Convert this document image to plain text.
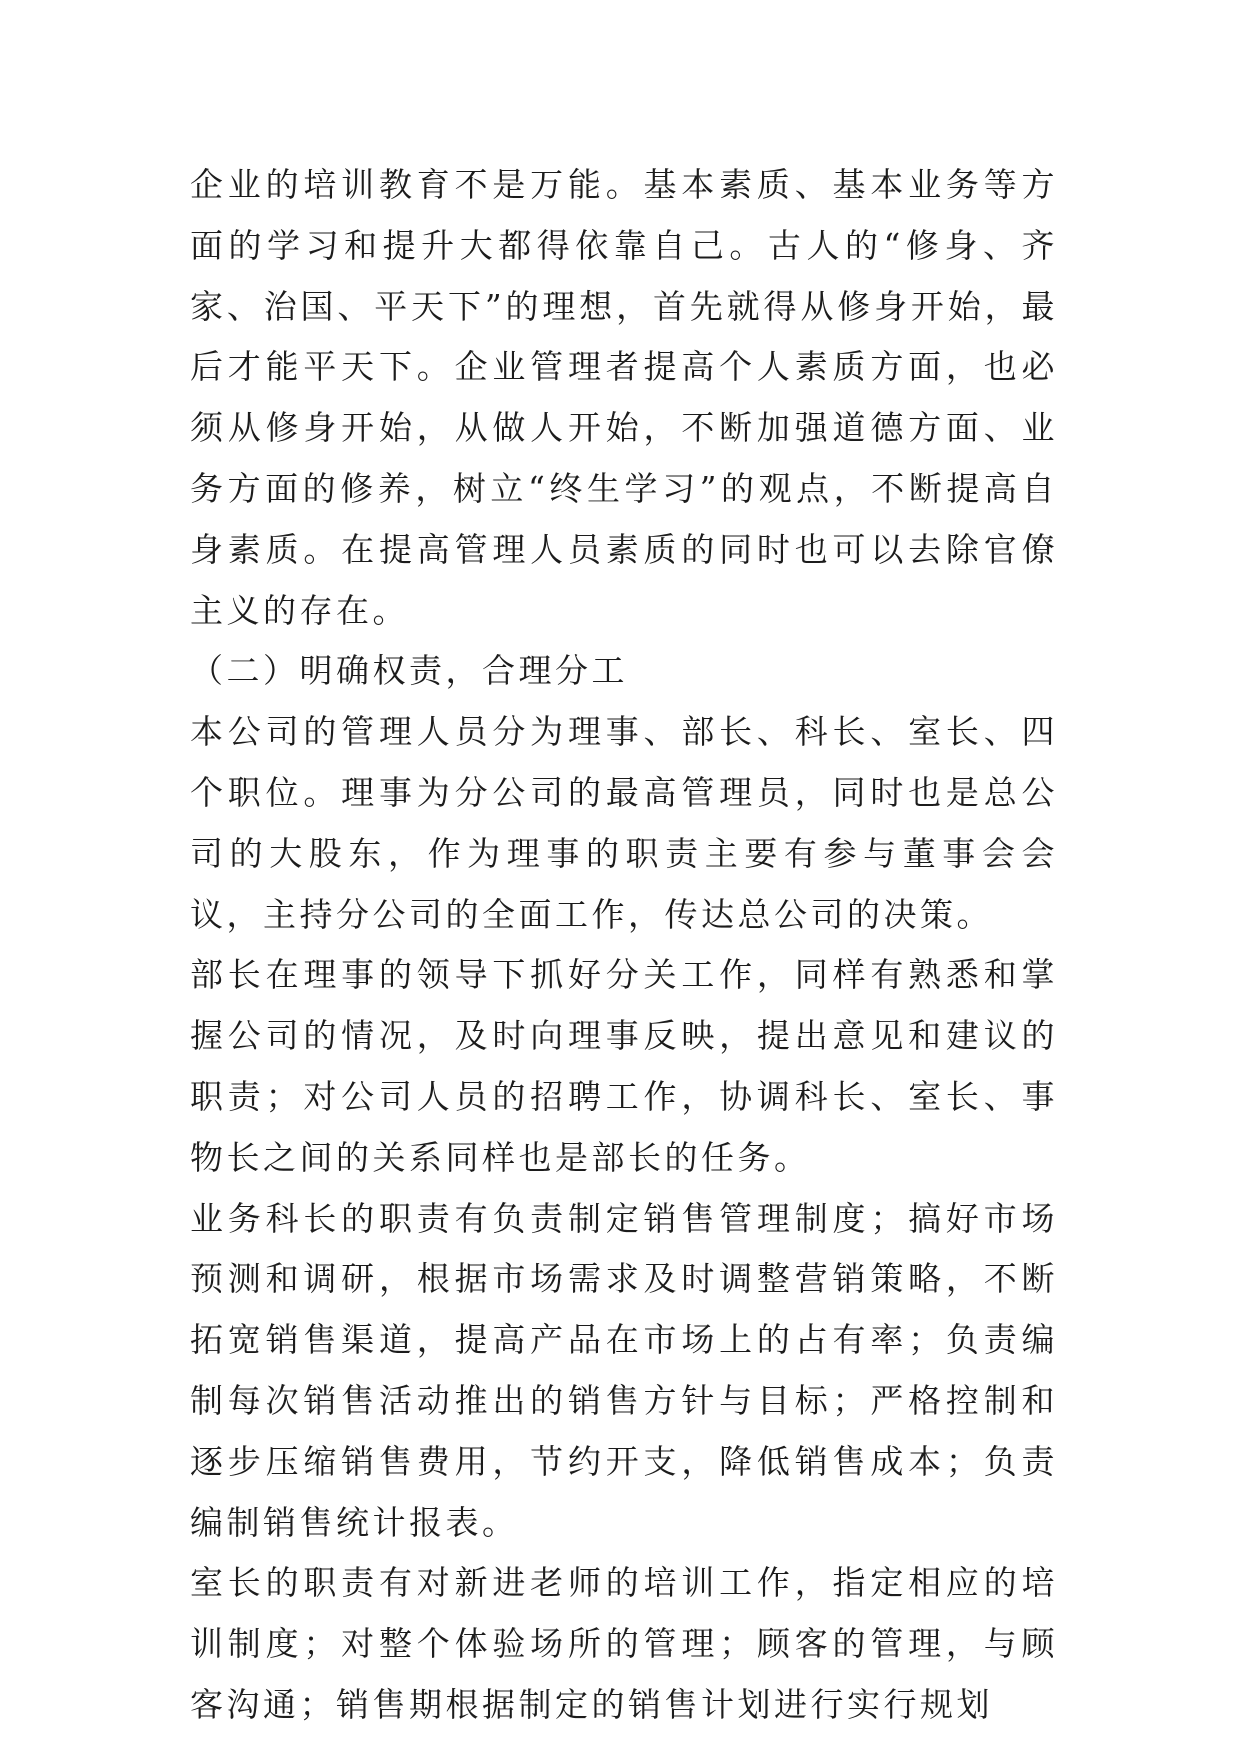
企业的培训教育不是万能。基本素质、基本业务等方面的学习和提升大都得依靠自己。古人的“修身、齐家、治国、平天下”的理想，首先就得从修身开始，最后才能平天下。企业管理者提高个人素质方面，也必须从修身开始，从做人开始，不断加强道德方面、业务方面的修养，树立“终生学习”的观点，不断提高自身素质。在提高管理人员素质的同时也可以去除官僚主义的存在。

（二）明确权责，合理分工

本公司的管理人员分为理事、部长、科长、室长、四个职位。理事为分公司的最高管理员，同时也是总公司的大股东，作为理事的职责主要有参与董事会会议，主持分公司的全面工作，传达总公司的决策。

部长在理事的领导下抓好分关工作，同样有熟悉和掌握公司的情况，及时向理事反映，提出意见和建议的职责；对公司人员的招聘工作，协调科长、室长、事物长之间的关系同样也是部长的任务。

业务科长的职责有负责制定销售管理制度；搞好市场预测和调研，根据市场需求及时调整营销策略，不断拓宽销售渠道，提高产品在市场上的占有率；负责编制每次销售活动推出的销售方针与目标；严格控制和逐步压缩销售费用，节约开支，降低销售成本；负责编制销售统计报表。

室长的职责有对新进老师的培训工作，指定相应的培训制度；对整个体验场所的管理；顾客的管理，与顾客沟通；销售期根据制定的销售计划进行实行规划
